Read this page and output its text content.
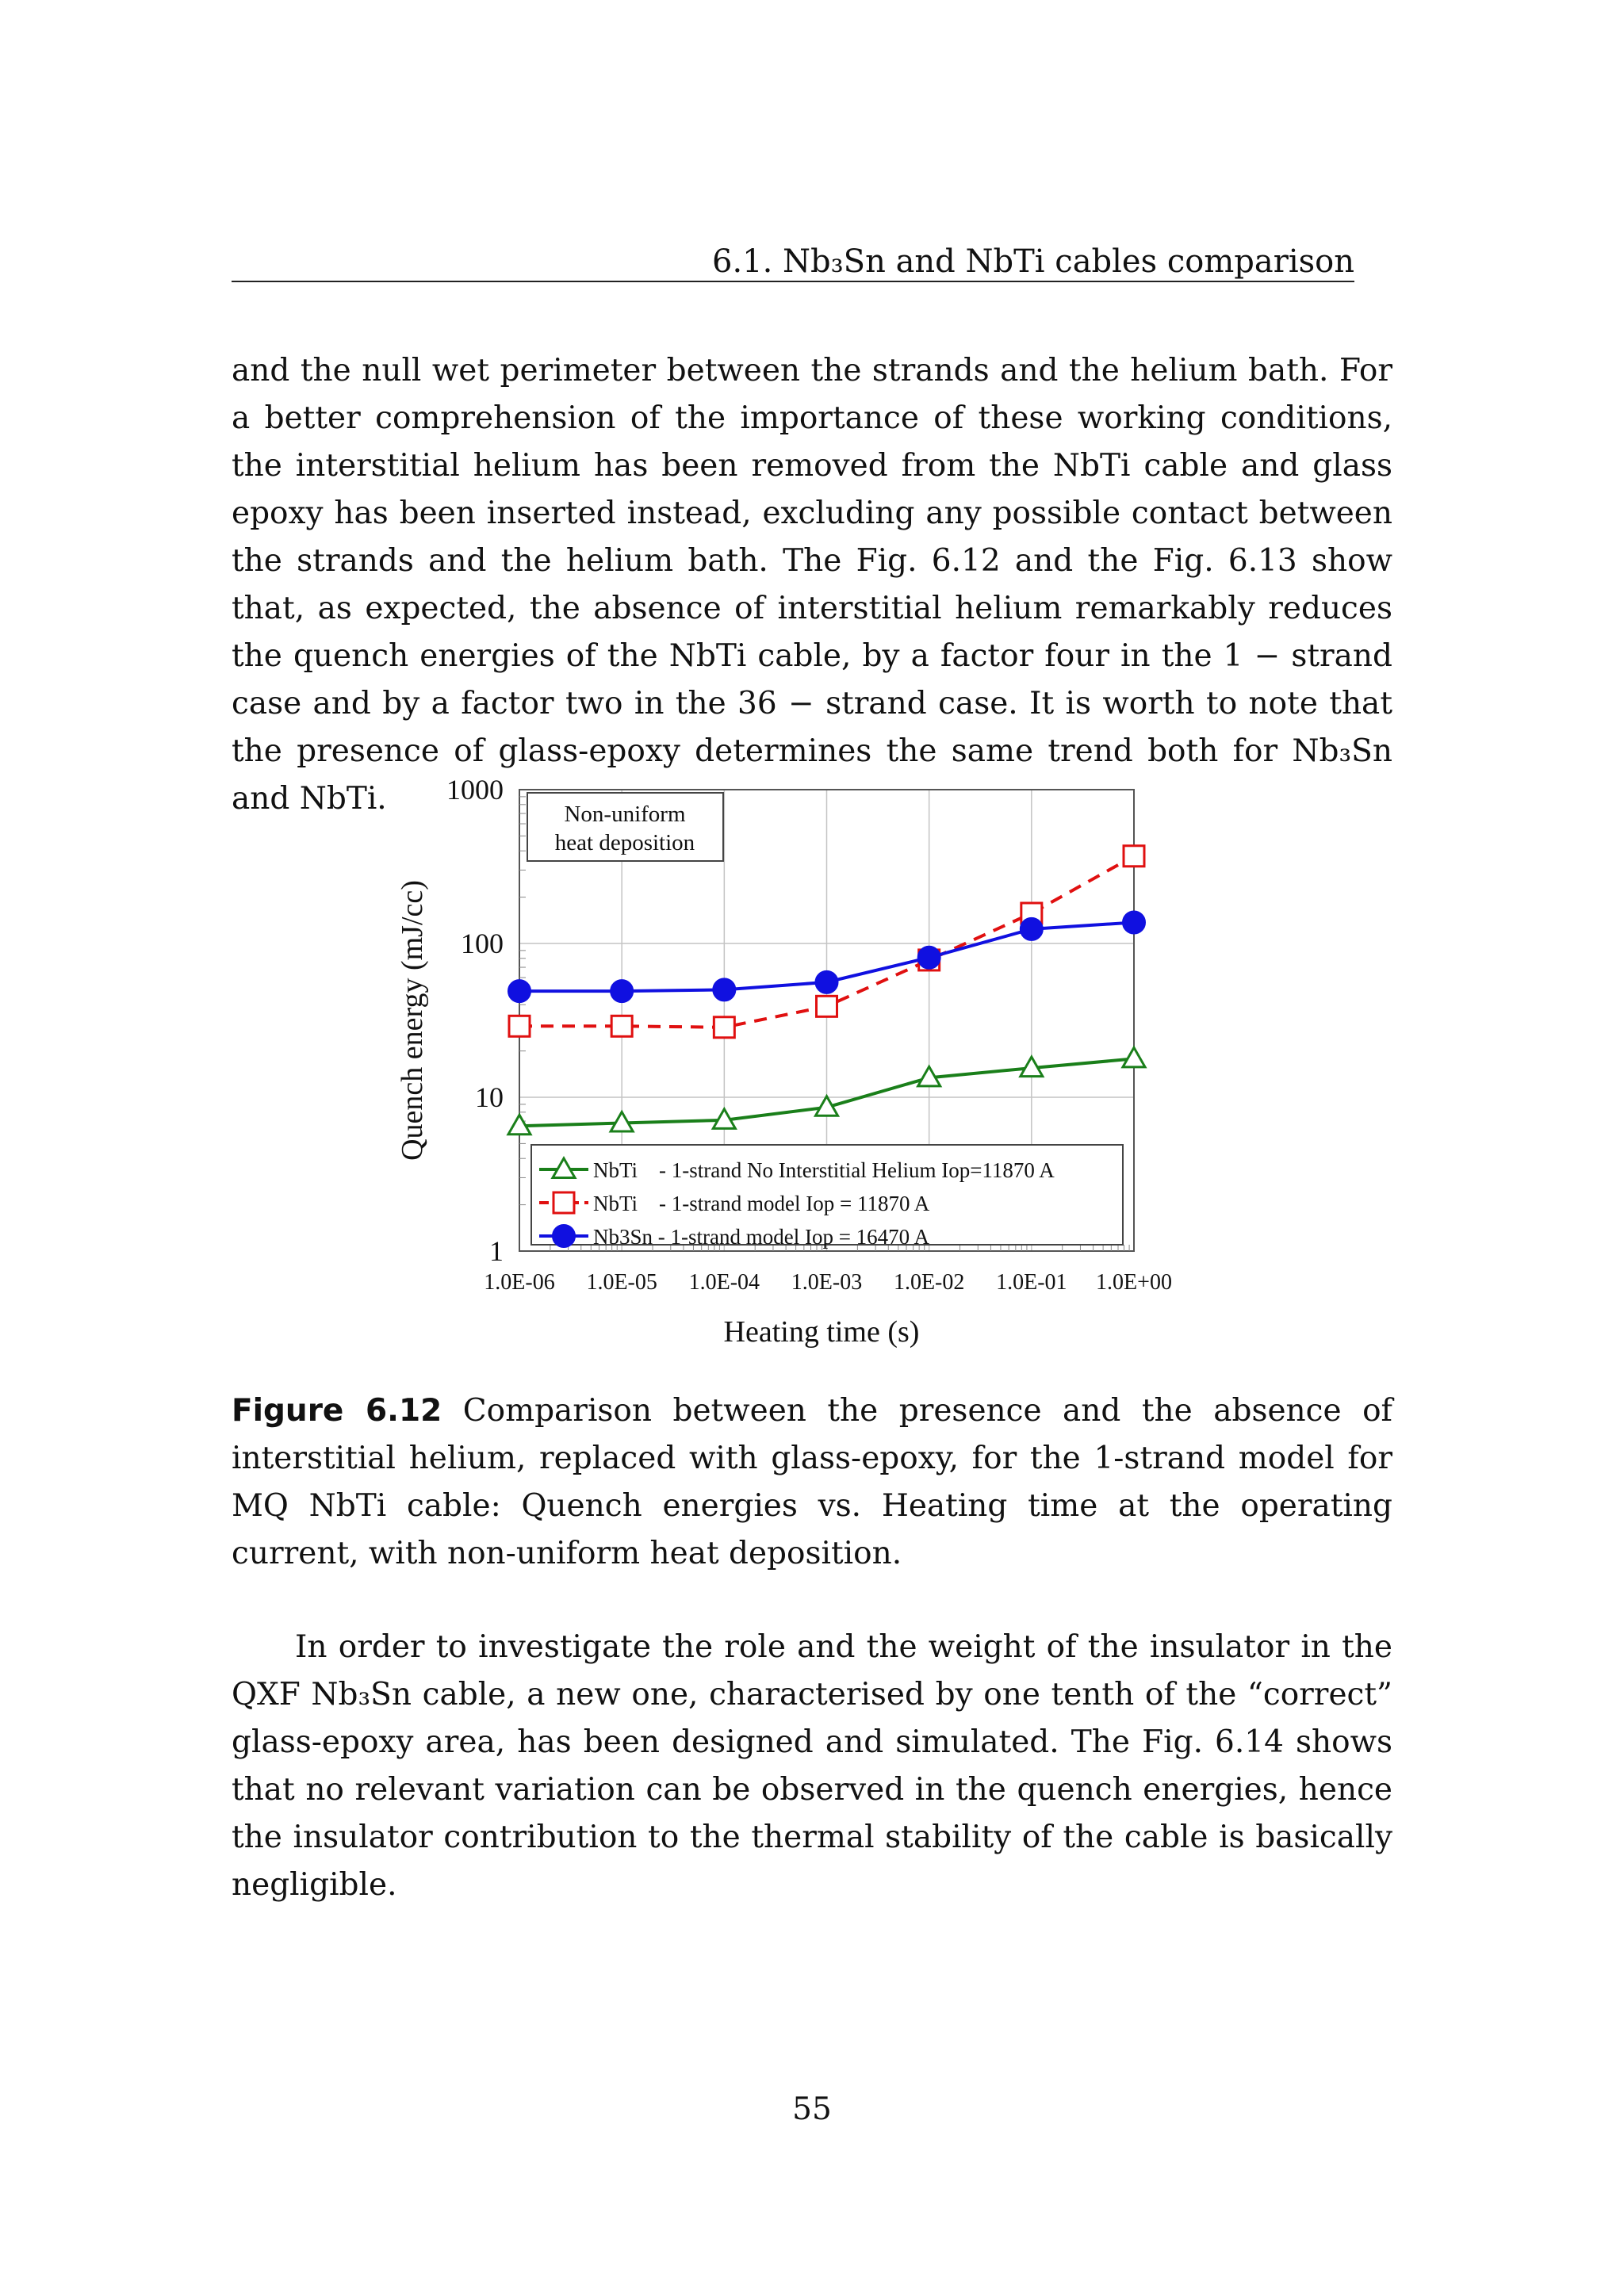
6.1. Nb₃Sn and NbTi cables comparison

and the null wet perimeter between the strands and the helium bath. For a better comprehension of the importance of these working conditions, the interstitial helium has been removed from the NbTi cable and glass epoxy has been inserted instead, excluding any possible contact between the strands and the helium bath. The Fig. 6.12 and the Fig. 6.13 show that, as expected, the absence of interstitial helium remarkably reduces the quench energies of the NbTi cable, by a factor four in the 1 − strand case and by a factor two in the 36 − strand case. It is worth to note that the presence of glass-epoxy determines the same trend both for Nb₃Sn and NbTi.

1.0E-06 1.0E-05 1.0E-04 1.0E-03 1.0E-02 1.0E-01 1.0E+00
1
10
100
1000
Non-uniform
heat deposition
NbTi    - 1-strand No Interstitial Helium Iop=11870 A
NbTi    - 1-strand model Iop = 11870 A
Nb3Sn - 1-strand model Iop = 16470 A
Heating time (s)
Quench energy (mJ/cc)

Figure 6.12 Comparison between the presence and the absence of interstitial helium, replaced with glass-epoxy, for the 1-strand model for MQ NbTi cable: Quench energies vs. Heating time at the operating current, with non-uniform heat deposition.

In order to investigate the role and the weight of the insulator in the QXF Nb₃Sn cable, a new one, characterised by one tenth of the “correct” glass-epoxy area, has been designed and simulated. The Fig. 6.14 shows that no relevant variation can be observed in the quench energies, hence the insulator contribution to the thermal stability of the cable is basically negligible.

55
